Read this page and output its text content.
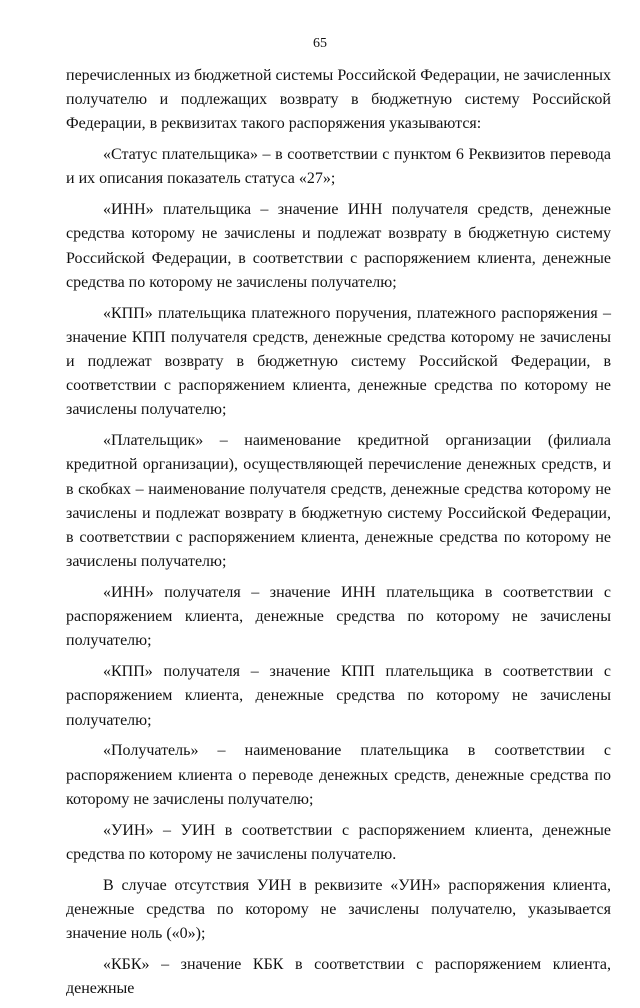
65

перечисленных из бюджетной системы Российской Федерации, не зачисленных получателю и подлежащих возврату в бюджетную систему Российской Федерации, в реквизитах такого распоряжения указываются:

«Статус плательщика» – в соответствии с пунктом 6 Реквизитов перевода и их описания показатель статуса «27»;

«ИНН» плательщика – значение ИНН получателя средств, денежные средства которому не зачислены и подлежат возврату в бюджетную систему Российской Федерации, в соответствии с распоряжением клиента, денежные средства по которому не зачислены получателю;

«КПП» плательщика платежного поручения, платежного распоряжения – значение КПП получателя средств, денежные средства которому не зачислены и подлежат возврату в бюджетную систему Российской Федерации, в соответствии с распоряжением клиента, денежные средства по которому не зачислены получателю;

«Плательщик» – наименование кредитной организации (филиала кредитной организации), осуществляющей перечисление денежных средств, и в скобках – наименование получателя средств, денежные средства которому не зачислены и подлежат возврату в бюджетную систему Российской Федерации, в соответствии с распоряжением клиента, денежные средства по которому не зачислены получателю;

«ИНН» получателя – значение ИНН плательщика в соответствии с распоряжением клиента, денежные средства по которому не зачислены получателю;

«КПП» получателя – значение КПП плательщика в соответствии с распоряжением клиента, денежные средства по которому не зачислены получателю;

«Получатель» – наименование плательщика в соответствии с распоряжением клиента о переводе денежных средств, денежные средства по которому не зачислены получателю;

«УИН» – УИН в соответствии с распоряжением клиента, денежные средства по которому не зачислены получателю.

В случае отсутствия УИН в реквизите «УИН» распоряжения клиента, денежные средства по которому не зачислены получателю, указывается значение ноль («0»);

«КБК» – значение КБК в соответствии с распоряжением клиента, денежные
